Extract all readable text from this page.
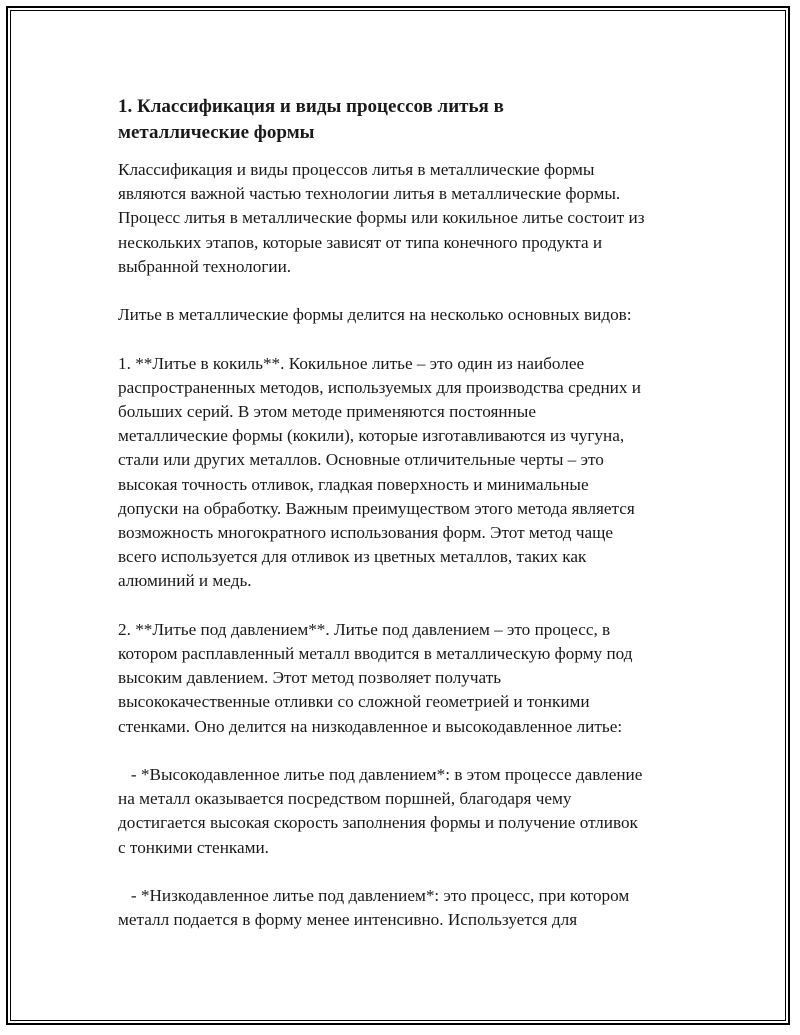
1. Классификация и виды процессов литья в
металлические формы
Классификация и виды процессов литья в металлические формы
являются важной частью технологии литья в металлические формы.
Процесс литья в металлические формы или кокильное литье состоит из
нескольких этапов, которые зависят от типа конечного продукта и
выбранной технологии.
Литье в металлические формы делится на несколько основных видов:
1. **Литье в кокиль**. Кокильное литье – это один из наиболее
распространенных методов, используемых для производства средних и
больших серий. В этом методе применяются постоянные
металлические формы (кокили), которые изготавливаются из чугуна,
стали или других металлов. Основные отличительные черты – это
высокая точность отливок, гладкая поверхность и минимальные
допуски на обработку. Важным преимуществом этого метода является
возможность многократного использования форм. Этот метод чаще
всего используется для отливок из цветных металлов, таких как
алюминий и медь.
2. **Литье под давлением**. Литье под давлением – это процесс, в
котором расплавленный металл вводится в металлическую форму под
высоким давлением. Этот метод позволяет получать
высококачественные отливки со сложной геометрией и тонкими
стенками. Оно делится на низкодавленное и высокодавленное литье:
- *Высокодавленное литье под давлением*: в этом процессе давление
на металл оказывается посредством поршней, благодаря чему
достигается высокая скорость заполнения формы и получение отливок
с тонкими стенками.
- *Низкодавленное литье под давлением*: это процесс, при котором
металл подается в форму менее интенсивно. Используется для
